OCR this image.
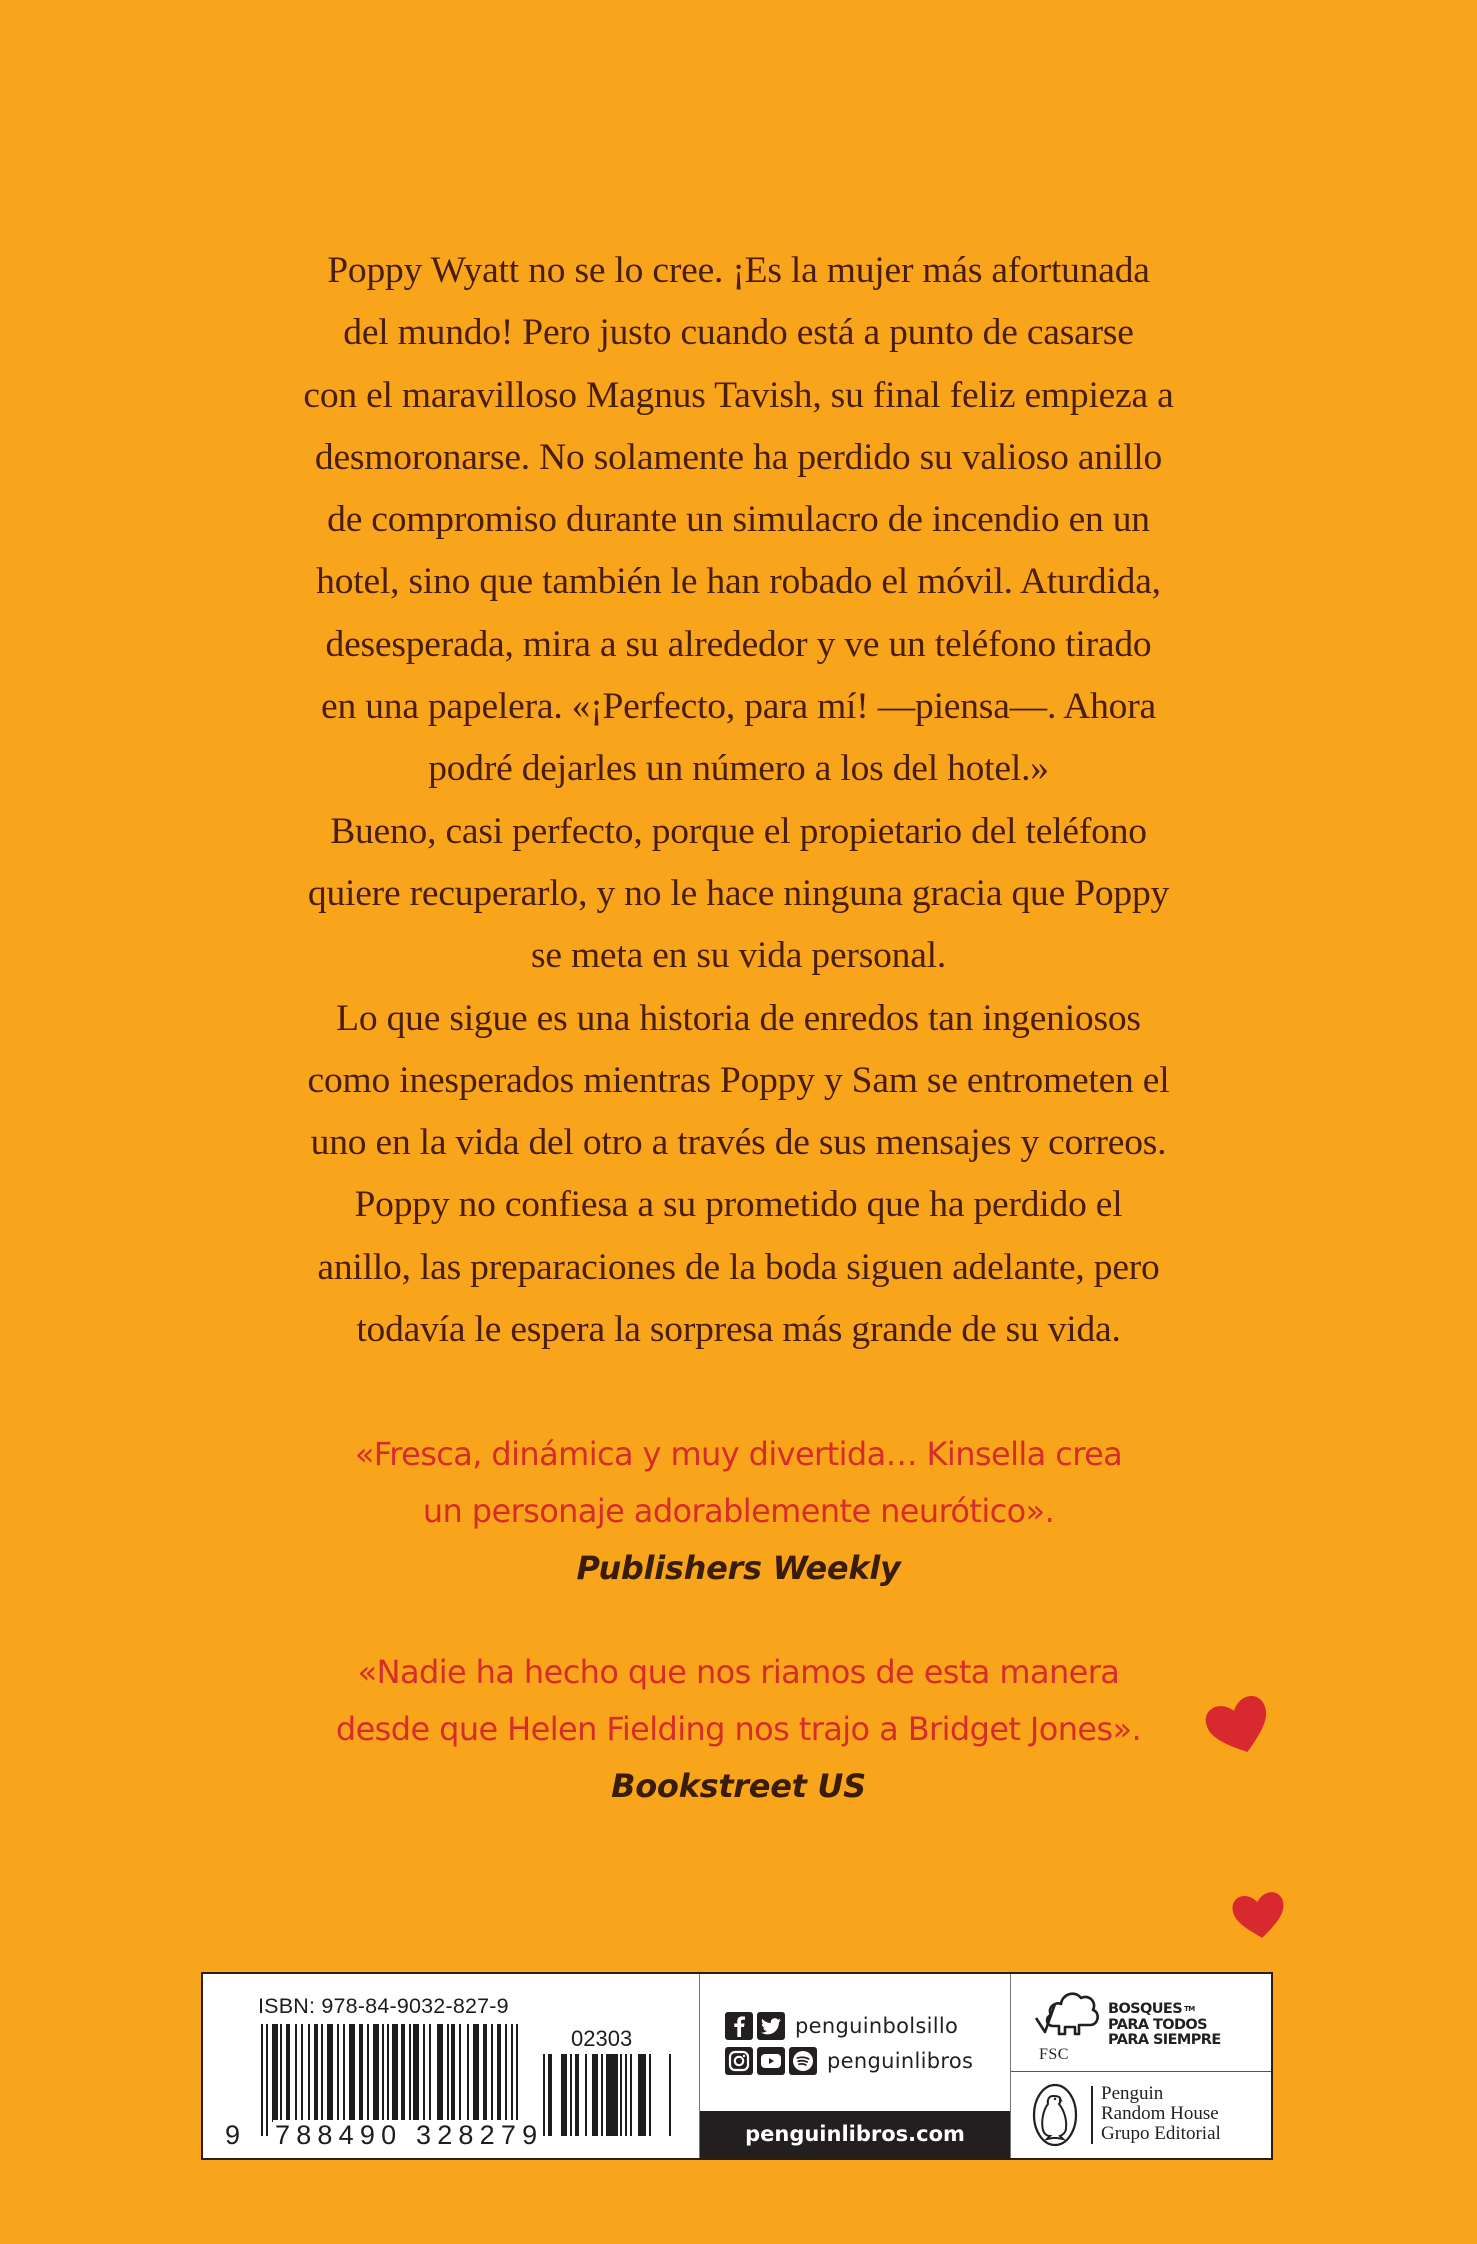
Poppy Wyatt no se lo cree. ¡Es la mujer más afortunada
del mundo! Pero justo cuando está a punto de casarse
con el maravilloso Magnus Tavish, su final feliz empieza a
desmoronarse. No solamente ha perdido su valioso anillo
de compromiso durante un simulacro de incendio en un
hotel, sino que también le han robado el móvil. Aturdida,
desesperada, mira a su alrededor y ve un teléfono tirado
en una papelera. «¡Perfecto, para mí! —piensa—. Ahora
podré dejarles un número a los del hotel.»
Bueno, casi perfecto, porque el propietario del teléfono
quiere recuperarlo, y no le hace ninguna gracia que Poppy
se meta en su vida personal.
Lo que sigue es una historia de enredos tan ingeniosos
como inesperados mientras Poppy y Sam se entrometen el
uno en la vida del otro a través de sus mensajes y correos.
Poppy no confiesa a su prometido que ha perdido el
anillo, las preparaciones de la boda siguen adelante, pero
todavía le espera la sorpresa más grande de su vida.
«Fresca, dinámica y muy divertida… Kinsella crea
un personaje adorablemente neurótico».
Publishers Weekly
«Nadie ha hecho que nos riamos de esta manera
desde que Helen Fielding nos trajo a Bridget Jones».
Bookstreet US
ISBN: 978-84-9032-827-9
9 788490 328279
02303	penguinbolsillo
penguinlibros
penguinlibros.com
FSC
BOSQUES ™
PARA TODOS
PARA SIEMPRE
Penguin
Random House
Grupo Editorial
